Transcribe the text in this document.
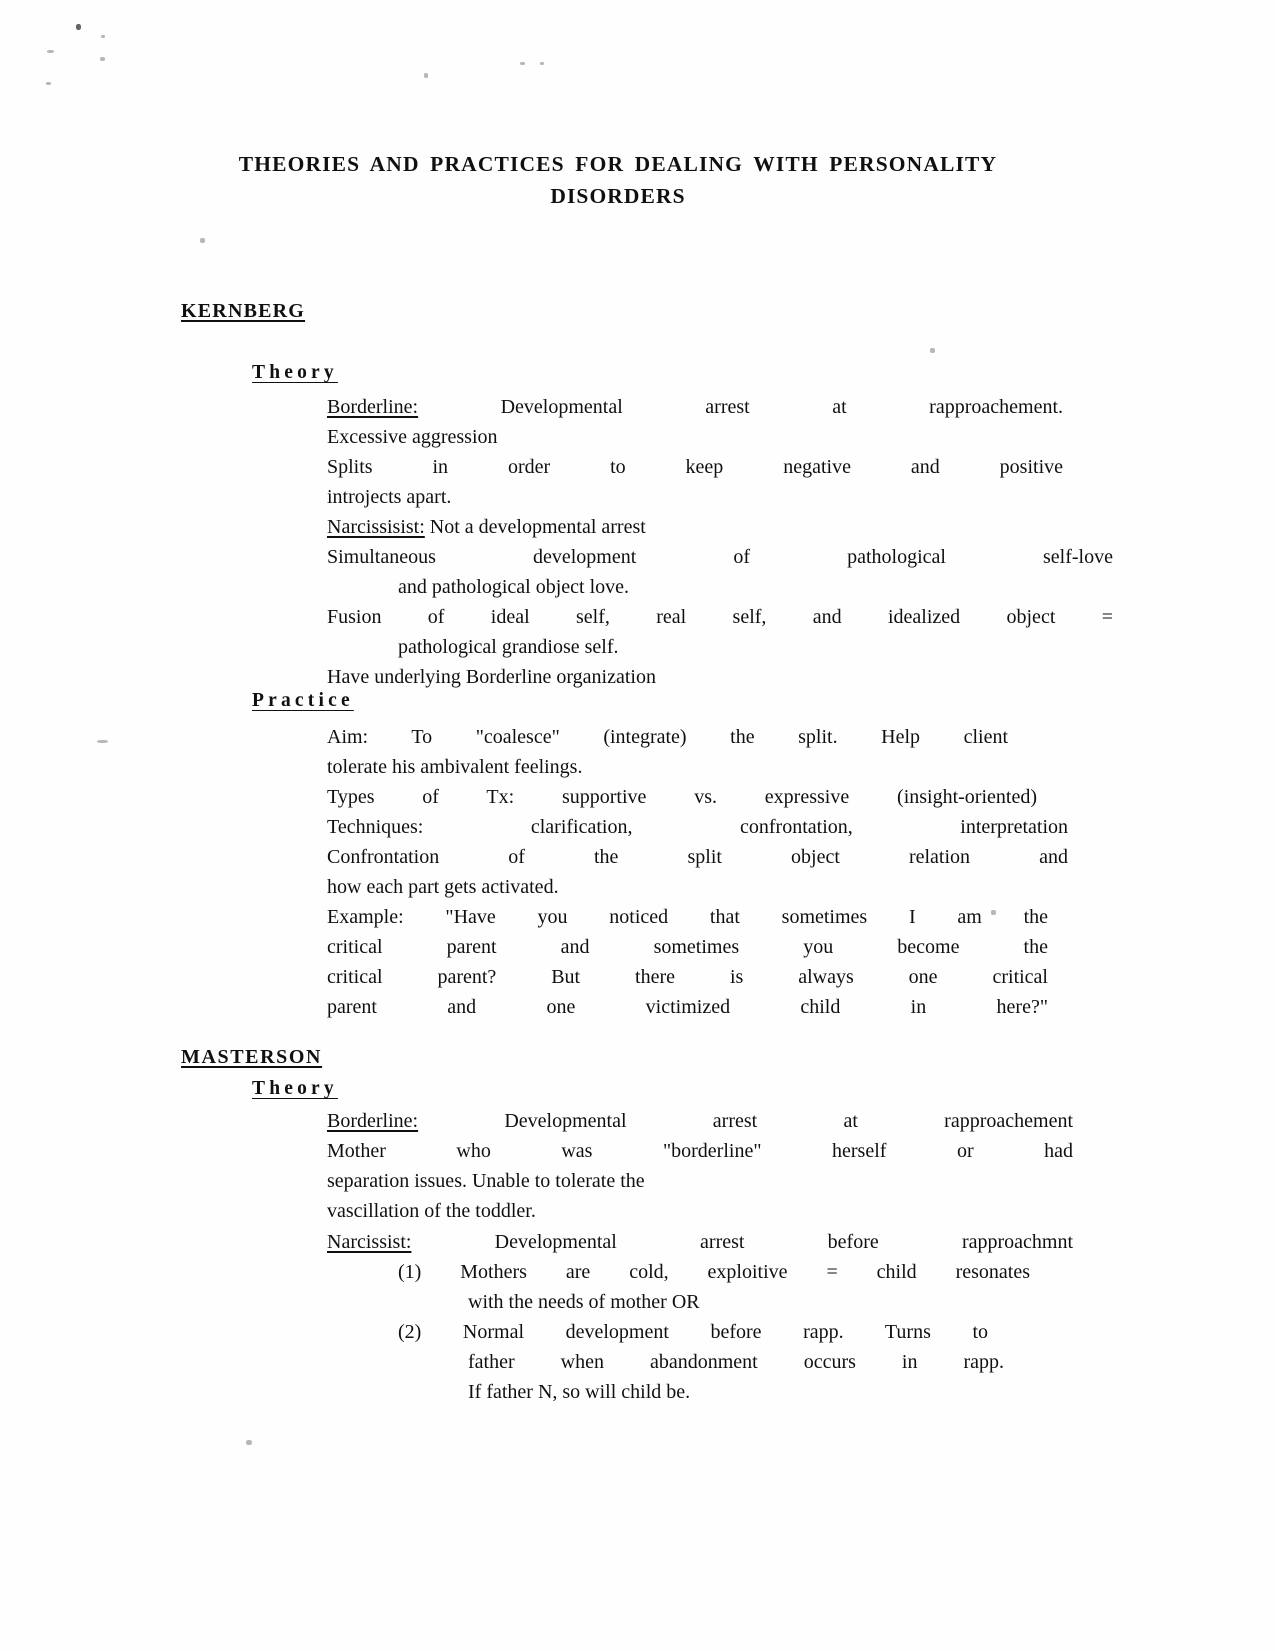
THEORIES AND PRACTICES FOR DEALING WITH PERSONALITY
DISORDERS
KERNBERG
Theory
Borderline:	Developmental arrest at rapproachement.
Excessive aggression
Splits in order to keep negative and positive
introjects apart.
Narcissisist: Not a developmental arrest
Simultaneous development of pathological self-love
and pathological object love.
Fusion of ideal self, real self, and idealized object =
pathological grandiose self.
Have underlying Borderline organization
Practice
Aim: To "coalesce" (integrate) the split. Help client
tolerate his ambivalent feelings.
Types of Tx: supportive vs. expressive (insight-oriented)
Techniques: clarification, confrontation, interpretation
Confrontation of the split object relation and
how each part gets activated.
Example: "Have you noticed that sometimes I am the
critical parent and sometimes you become the
critical parent? But there is always one critical
parent and one victimized child in here?"
MASTERSON
Theory
Borderline:	Developmental arrest at rapproachement
Mother who was "borderline" herself or had
separation issues. Unable to tolerate the
vascillation of the toddler.
Narcissist:	Developmental arrest before rapproachmnt
(1) Mothers are cold, exploitive = child resonates
with the needs of mother OR
(2) Normal development before rapp. Turns to
father when abandonment occurs in rapp.
If father N, so will child be.
